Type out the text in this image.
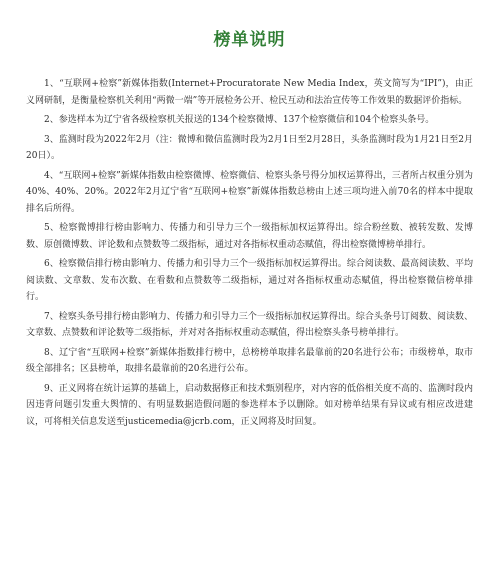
榜单说明

1、“互联网+检察”新媒体指数(Internet+Procuratorate New Media Index，英文简写为“IPI”)，由正义网研制，是衡量检察机关利用“两微一端”等开展检务公开、检民互动和法治宣传等工作效果的数据评价指标。

2、参选样本为辽宁省各级检察机关报送的134个检察微博、137个检察微信和104个检察头条号。

3、监测时段为2022年2月（注：微博和微信监测时段为2月1日至2月28日，头条监测时段为1月21日至2月20日）。

4、“互联网+检察”新媒体指数由检察微博、检察微信、检察头条号得分加权运算得出，三者所占权重分别为40%、40%、20%。2022年2月辽宁省“互联网+检察”新媒体指数总榜由上述三项均进入前70名的样本中提取排名后所得。

5、检察微博排行榜由影响力、传播力和引导力三个一级指标加权运算得出。综合粉丝数、被转发数、发博数、原创微博数、评论数和点赞数等二级指标，通过对各指标权重动态赋值，得出检察微博榜单排行。

6、检察微信排行榜由影响力、传播力和引导力三个一级指标加权运算得出。综合阅读数、最高阅读数、平均阅读数、文章数、发布次数、在看数和点赞数等二级指标，通过对各指标权重动态赋值，得出检察微信榜单排行。

7、检察头条号排行榜由影响力、传播力和引导力三个一级指标加权运算得出。综合头条号订阅数、阅读数、文章数、点赞数和评论数等二级指标，并对对各指标权重动态赋值，得出检察头条号榜单排行。

8、辽宁省“互联网+检察”新媒体指数排行榜中，总榜榜单取排名最靠前的20名进行公布；市级榜单，取市级全部排名；区县榜单，取排名最靠前的20名进行公布。

9、正义网将在统计运算的基础上，启动数据修正和技术甄别程序，对内容的低俗相关度不高的、监测时段内因违背问题引发重大舆情的、有明显数据造假问题的参选样本予以删除。如对榜单结果有异议或有相应改进建议，可将相关信息发送至justicemedia@jcrb.com，正义网将及时回复。
